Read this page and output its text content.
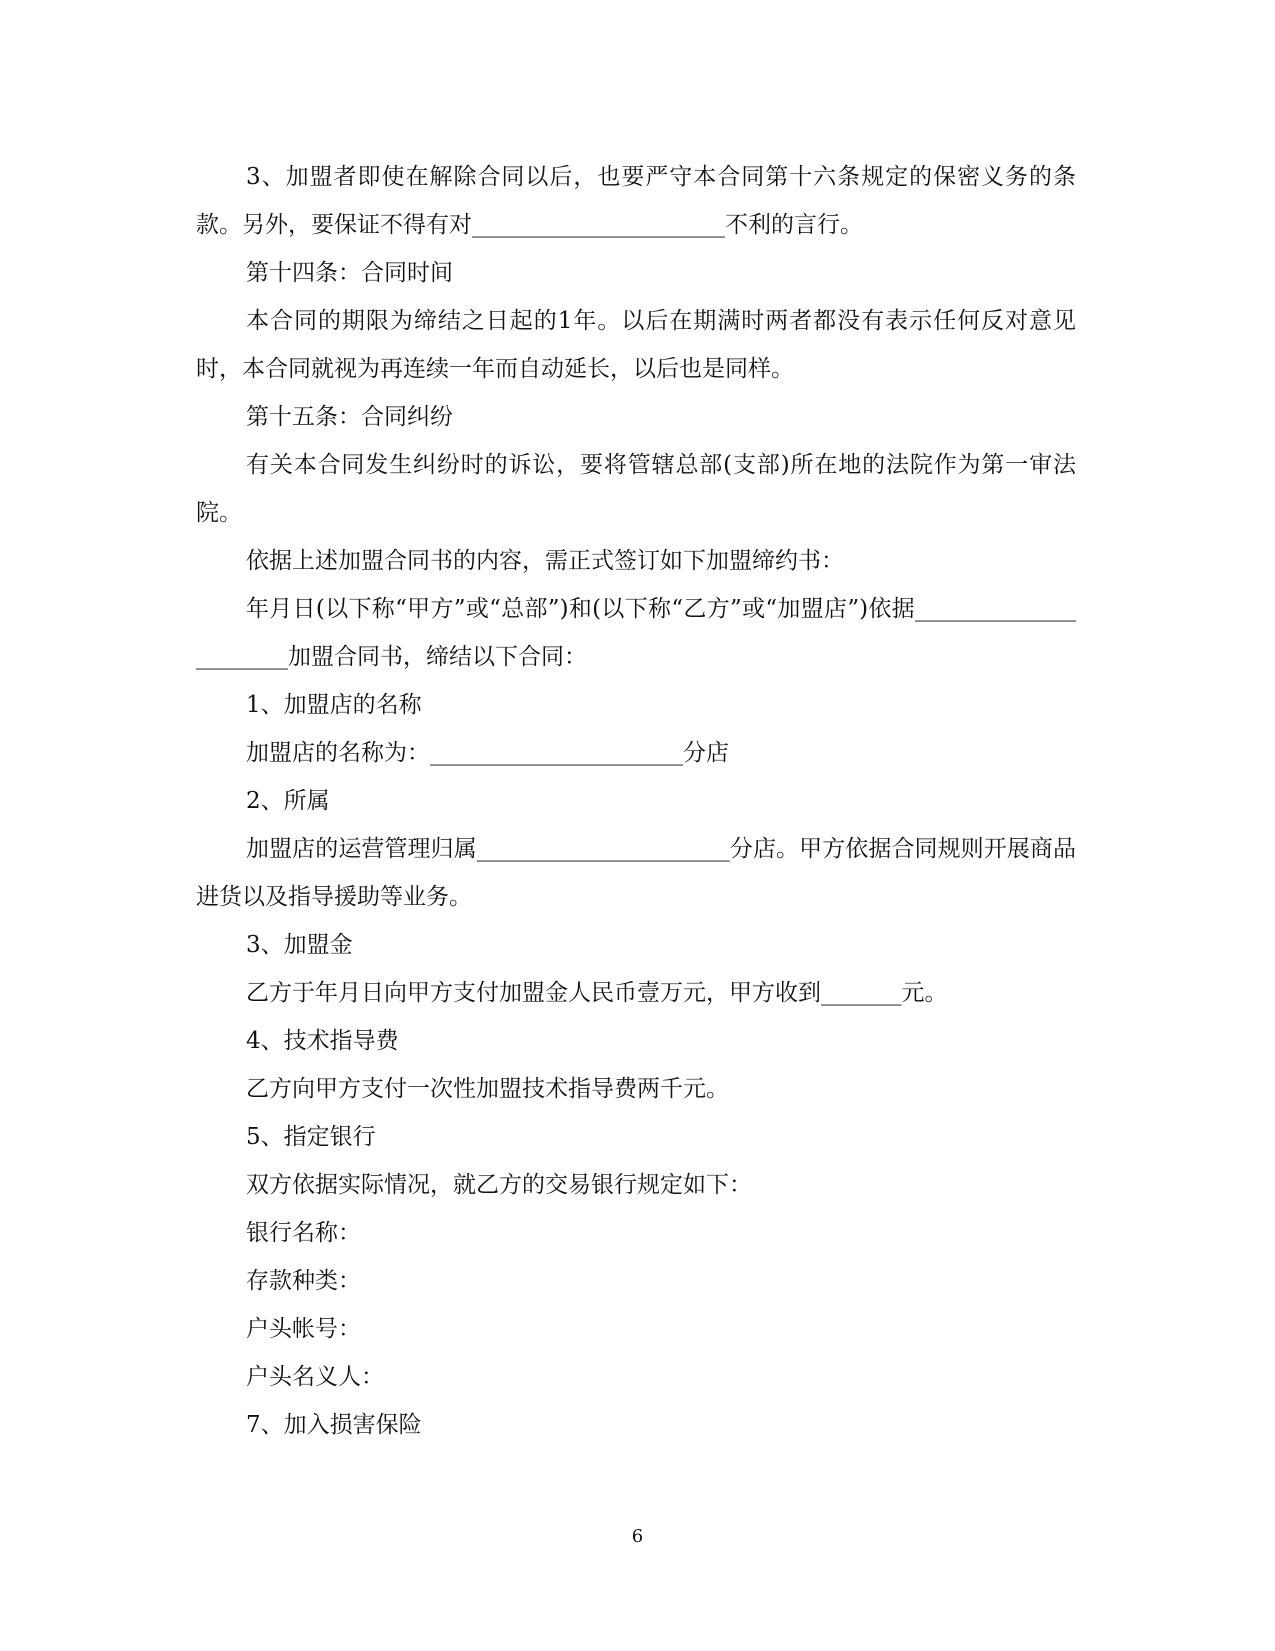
3、加盟者即使在解除合同以后，也要严守本合同第十六条规定的保密义务的条款。另外，要保证不得有对______________________不利的言行。

第十四条：合同时间

本合同的期限为缔结之日起的1年。以后在期满时两者都没有表示任何反对意见时，本合同就视为再连续一年而自动延长，以后也是同样。

第十五条：合同纠纷

有关本合同发生纠纷时的诉讼，要将管辖总部(支部)所在地的法院作为第一审法院。

依据上述加盟合同书的内容，需正式签订如下加盟缔约书：

年月日(以下称“甲方”或“总部”)和(以下称“乙方”或“加盟店”)依据______________________加盟合同书，缔结以下合同：

1、加盟店的名称

加盟店的名称为：______________________分店

2、所属

加盟店的运营管理归属______________________分店。甲方依据合同规则开展商品进货以及指导援助等业务。

3、加盟金

乙方于年月日向甲方支付加盟金人民币壹万元，甲方收到_______元。

4、技术指导费

乙方向甲方支付一次性加盟技术指导费两千元。

5、指定银行

双方依据实际情况，就乙方的交易银行规定如下：

银行名称：

存款种类：

户头帐号：

户头名义人：

7、加入损害保险

6
